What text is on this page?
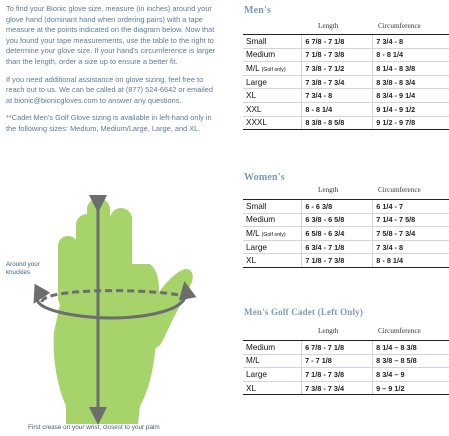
To find your Bionic glove size, measure (in inches) around your glove hand (dominant hand when ordering pairs) with a tape measure at the points indicated on the diagram below. Now that you found your tape measurements, use the table to the right to determine your glove size. If your hand's circumference is larger than the length, order a size up to ensure a better fit.

If you need additional assistance on glove sizing, feel free to reach out to us. We can be called at (877) 524-6642 or emailed at bionic@bionicgloves.com to answer any questions.

**Cadet Men's Golf Glove sizing is available in left-hand only in the following sizes: Medium, Medium/Large, Large, and XL.

Around your knuckles
First crease on your wrist, closest to your palm
Men's
Length	Circumference
Small	6 7/8 - 7 1/8	7 3/4 - 8
Medium	7 1/8 - 7 3/8	8 - 8 1/4
M/L (Golf only)	7 3/8 - 7 1/2	8 1/4 - 8 3/8
Large	7 3/8 - 7 3/4	8 3/8 - 8 3/4
XL	7 3/4 - 8	8 3/4 - 9 1/4
XXL	8 - 8 1/4	9 1/4 - 9 1/2
XXXL	8 3/8 - 8 5/8	9 1/2 - 9 7/8
Women's
Length	Circumference
Small	6 - 6 3/8	6 1/4 - 7
Medium	6 3/8 - 6 5/8	7 1/4 - 7 5/8
M/L (Golf only)	6 5/8 - 6 3/4	7 5/8 - 7 3/4
Large	6 3/4 - 7 1/8	7 3/4 - 8
XL	7 1/8 - 7 3/8	8 - 8 1/4
Men's Golf Cadet (Left Only)
Length	Circumference
Medium	6 7/8 - 7 1/8	8 1/4 – 8 3/8
M/L	7 - 7 1/8	8 3/8 – 8 5/8
Large	7 1/8 - 7 3/8	8 3/4 – 9
XL	7 3/8 - 7 3/4	9 – 9 1/2
